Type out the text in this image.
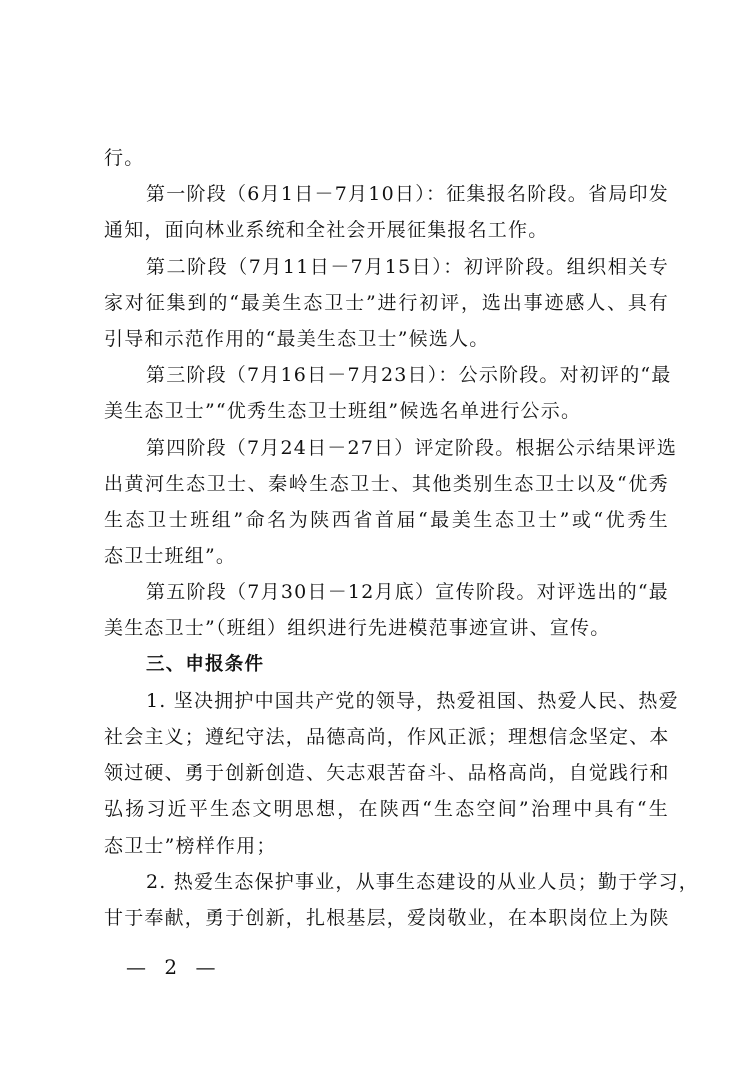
行。
第一阶段（6月1日－7月10日）：征集报名阶段。省局印发
通知，面向林业系统和全社会开展征集报名工作。
第二阶段（7月11日－7月15日）：初评阶段。组织相关专
家对征集到的“最美生态卫士”进行初评，选出事迹感人、具有
引导和示范作用的“最美生态卫士”候选人。
第三阶段（7月16日－7月23日）：公示阶段。对初评的“最
美生态卫士”“优秀生态卫士班组”候选名单进行公示。
第四阶段（7月24日－27日）评定阶段。根据公示结果评选
出黄河生态卫士、秦岭生态卫士、其他类别生态卫士以及“优秀
生态卫士班组”命名为陕西省首届“最美生态卫士”或“优秀生
态卫士班组”。
第五阶段（7月30日－12月底）宣传阶段。对评选出的“最
美生态卫士”（班组）组织进行先进模范事迹宣讲、宣传。
三、申报条件
1. 坚决拥护中国共产党的领导，热爱祖国、热爱人民、热爱
社会主义；遵纪守法，品德高尚，作风正派；理想信念坚定、本
领过硬、勇于创新创造、矢志艰苦奋斗、品格高尚，自觉践行和
弘扬习近平生态文明思想，在陕西“生态空间”治理中具有“生
态卫士”榜样作用；
2. 热爱生态保护事业，从事生态建设的从业人员；勤于学习，
甘于奉献，勇于创新，扎根基层，爱岗敬业，在本职岗位上为陕
— 2 —
